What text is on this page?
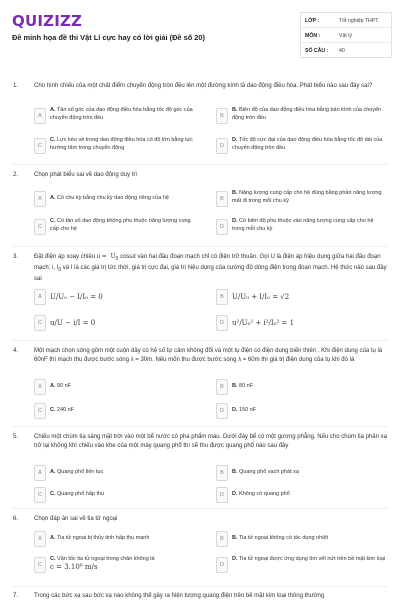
QUIZIZZ
Đề minh họa đề thi Vật Lí cực hay có lời giải (Đề số 20)
LỚP :	Tốt nghiệp THPT
MÔN :	Vật lý
SỐ CÂU : 40
1.	Cho hình chiếu của một chất điểm chuyển động tròn đều lên một đường kính là dao động điều hòa. Phát biểu nào sau đây sai?
A
A. Tần số góc của dao động điều hòa bằng tốc độ góc của chuyển động tròn đều	B
B. Biên độ của dao động điều hòa bằng bán kính của chuyển động tròn đều
C
C. Lực kéo về trong dao động điều hòa có độ lớn bằng lực hướng tâm trong chuyển động	D
D. Tốc độ cực đại của dao động điều hòa bằng tốc độ dài của chuyển động tròn đều
2.	Chọn phát biểu sai về dao động duy trì
A	A. Có chu kỳ bằng chu kỳ dao động riêng của hệ	B
B. Năng lượng cung cấp cho hệ đúng bằng phần năng lượng mất đi trong mỗi chu kỳ
C
C. Có tần số dao động không phụ thuộc năng lượng cung cấp cho hệ	D
D. Có biên độ phụ thuộc vào năng lượng cung cấp cho hệ trong mỗi chu kỳ
3.	Đặt điện áp xoay chiều $u = U_0$ cosωt vào hai đầu đoạn mạch chỉ có điện trở thuần. Gọi U là điện áp hiệu dụng giữa hai đầu đoạn mạch; i, $I_0$ và I là các giá trị tức thời, giá trị cực đại, giá trị hiệu dụng của cường độ dòng điện trong đoạn mạch. Hệ thức nào sau đây sai
A	U/U₀ − I/I₀ = 0	B	U/U₀ + I/I₀ = √2
C	u/U − i/I = 0	D	u²/U₀² + i²/I₀² = 1
4.	Một mạch chọn sóng gồm một cuộn dây có hệ số tự cảm không đổi và một tụ điện có điện dung biến thiên . Khi điện dung của tụ là 60nF thì mạch thu được bước sóng λ = 30m. Nếu mốn thu được bước sóng λ = 60m thì giá trị điện dung của tụ khi đó là
A	A. 90 nF	B	B. 80 nF
C	C. 240 nF	D	D. 150 nF
5.	Chiếu một chùm tia sáng mặt trời vào một bể nước có pha phẩm màu. Dưới đáy bể có một gương phẳng. Nếu cho chùm tia phản xạ trở lại không khí chiếu vào khe của một máy quang phổ thì sẽ thu được quang phổ nào sau đây
A	A. Quang phổ liên tục	B	B. Quang phổ vạch phát xạ
C	C. Quang phổ hấp thụ	D	D. Không có quang phổ
6.	Chọn đáp án sai về tia tử ngoại
A	A. Tia tử ngoại bị thủy tinh hấp thụ mạnh	B	B. Tia tử ngoại không có tác dụng nhiệt
C
C. Vận tốc tia tử ngoại trong chân không là
c = 3.10⁸ m/s	D
D. Tia tử ngoại được ứng dụng tìm vết nứt trên bề mặt kim loại
7.	Trong các bức xạ sau bức xạ nào không thể gây ra hiện tượng quang điện trên bề mặt kim loại thông thường
